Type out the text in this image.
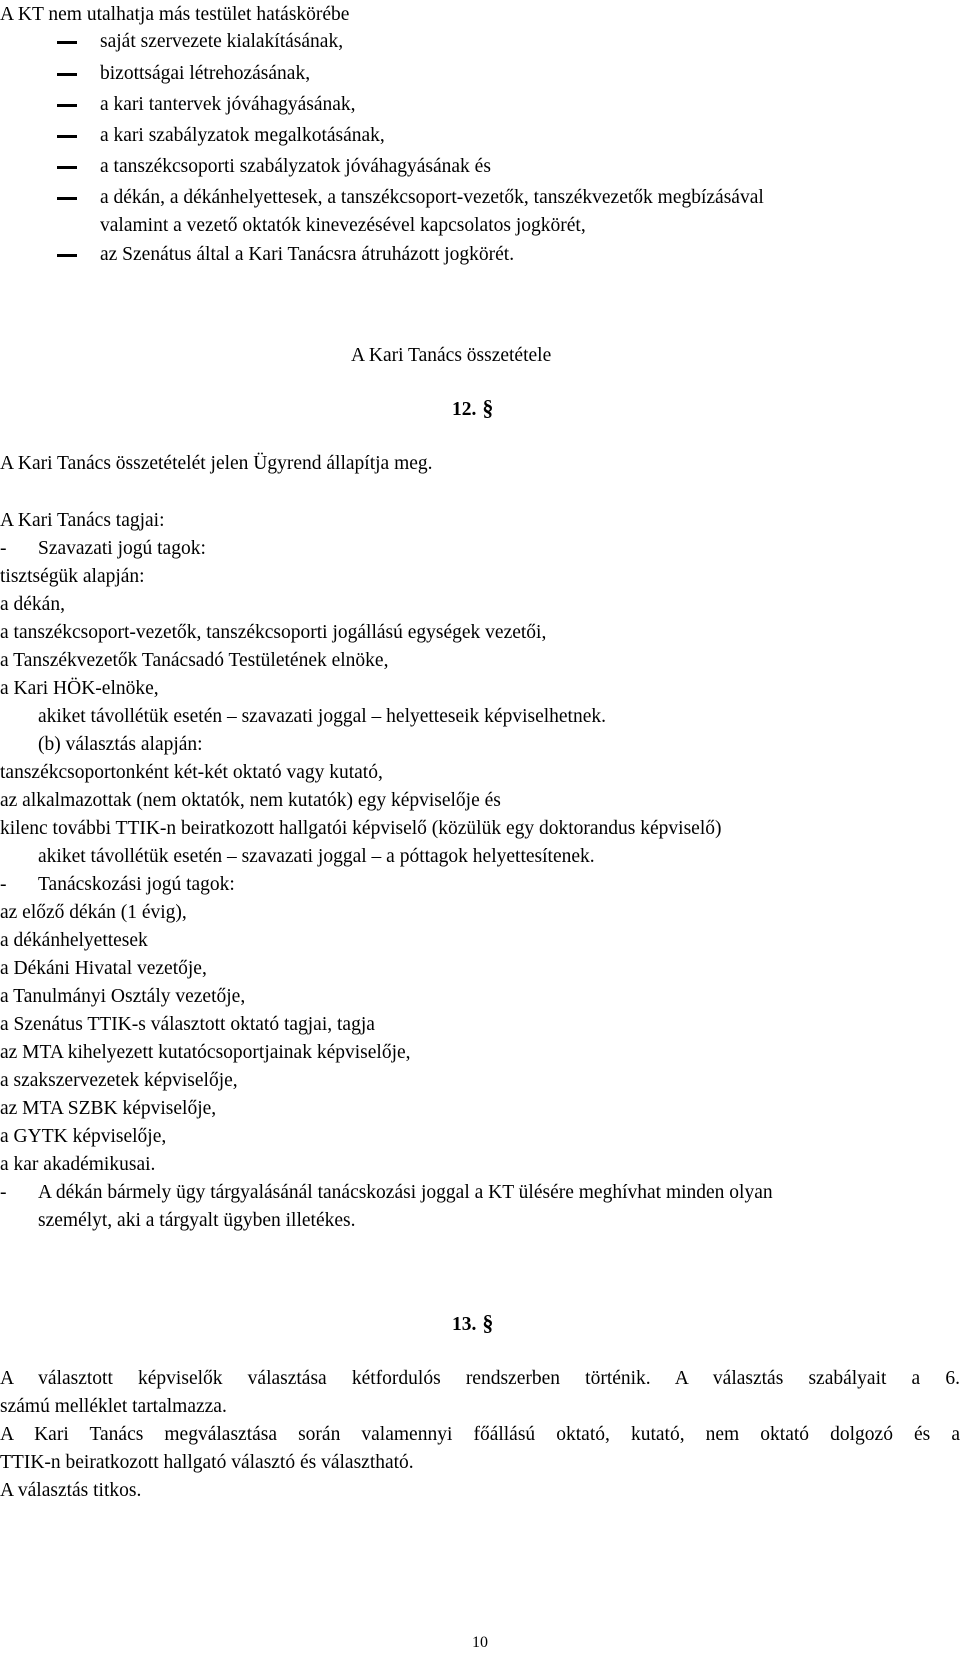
A KT nem utalhatja más testület hatáskörébe
saját szervezete kialakításának,
bizottságai létrehozásának,
a kari tantervek jóváhagyásának,
a kari szabályzatok megalkotásának,
a tanszékcsoporti szabályzatok jóváhagyásának és
a dékán, a dékánhelyettesek, a tanszékcsoport-vezetők, tanszékvezetők megbízásával
valamint a vezető oktatók kinevezésével kapcsolatos jogkörét,
az Szenátus által a Kari Tanácsra átruházott jogkörét.
A Kari Tanács összetétele
12. §
A Kari Tanács összetételét jelen Ügyrend állapítja meg.
A Kari Tanács tagjai:
- Szavazati jogú tagok:
tisztségük alapján:
a dékán,
a tanszékcsoport-vezetők, tanszékcsoporti jogállású egységek vezetői,
a Tanszékvezetők Tanácsadó Testületének elnöke,
a Kari HÖK-elnöke,
akiket távollétük esetén – szavazati joggal – helyetteseik képviselhetnek.
(b) választás alapján:
tanszékcsoportonként két-két oktató vagy kutató,
az alkalmazottak (nem oktatók, nem kutatók) egy képviselője és
kilenc további TTIK-n beiratkozott hallgatói képviselő (közülük egy doktorandus képviselő)
akiket távollétük esetén – szavazati joggal – a póttagok helyettesítenek.
- Tanácskozási jogú tagok:
az előző dékán (1 évig),
a dékánhelyettesek
a Dékáni Hivatal vezetője,
a Tanulmányi Osztály vezetője,
a Szenátus TTIK-s választott oktató tagjai, tagja
az MTA kihelyezett kutatócsoportjainak képviselője,
a szakszervezetek képviselője,
az MTA SZBK képviselője,
a GYTK képviselője,
a kar akadémikusai.
- A dékán bármely ügy tárgyalásánál tanácskozási joggal a KT ülésére meghívhat minden olyan
személyt, aki a tárgyalt ügyben illetékes.
13. §
A választott képviselők választása kétfordulós rendszerben történik. A választás szabályait a 6.
számú melléklet tartalmazza.
A Kari Tanács megválasztása során valamennyi főállású oktató, kutató, nem oktató dolgozó és a
TTIK-n beiratkozott hallgató választó és választható.
A választás titkos.
10
